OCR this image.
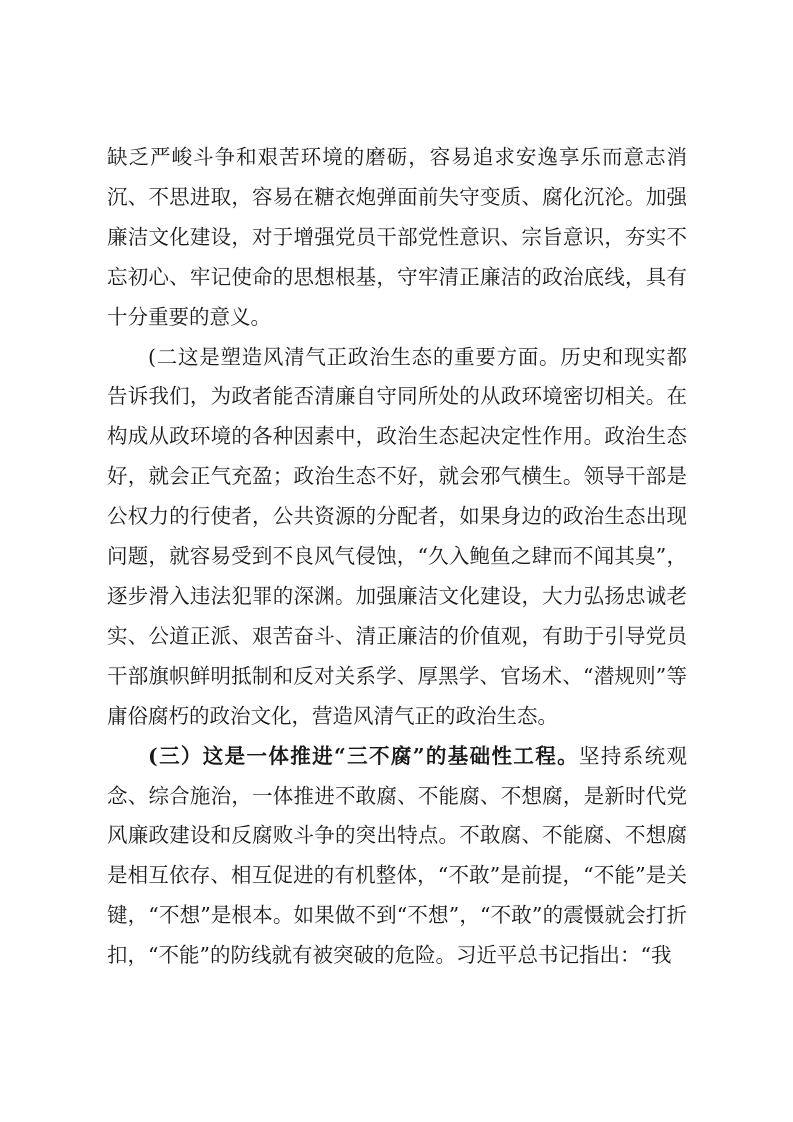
缺乏严峻斗争和艰苦环境的磨砺，容易追求安逸享乐而意志消沉、不思进取，容易在糖衣炮弹面前失守变质、腐化沉沦。加强廉洁文化建设，对于增强党员干部党性意识、宗旨意识，夯实不忘初心、牢记使命的思想根基，守牢清正廉洁的政治底线，具有十分重要的意义。

(二这是塑造风清气正政治生态的重要方面。历史和现实都告诉我们，为政者能否清廉自守同所处的从政环境密切相关。在构成从政环境的各种因素中，政治生态起决定性作用。政治生态好，就会正气充盈；政治生态不好，就会邪气横生。领导干部是公权力的行使者，公共资源的分配者，如果身边的政治生态出现问题，就容易受到不良风气侵蚀，“久入鲍鱼之肆而不闻其臭”，逐步滑入违法犯罪的深渊。加强廉洁文化建设，大力弘扬忠诚老实、公道正派、艰苦奋斗、清正廉洁的价值观，有助于引导党员干部旗帜鲜明抵制和反对关系学、厚黑学、官场术、“潜规则”等庸俗腐朽的政治文化，营造风清气正的政治生态。

(三）这是一体推进“三不腐”的基础性工程。坚持系统观念、综合施治，一体推进不敢腐、不能腐、不想腐，是新时代党风廉政建设和反腐败斗争的突出特点。不敢腐、不能腐、不想腐是相互依存、相互促进的有机整体，“不敢”是前提，“不能”是关键，“不想”是根本。如果做不到“不想”，“不敢”的震慑就会打折扣，“不能”的防线就有被突破的危险。习近平总书记指出：“我
